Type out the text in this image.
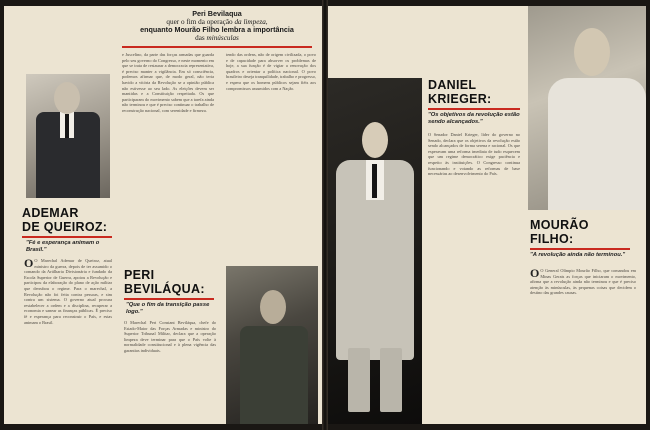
Peri Bevilaqua
quer o fim da operação da limpeza,
enquanto Mourão Filho lembra a importância
das minúsculas
ADEMAR
DE QUEIROZ:
"Fé e esperança animam o Brasil."

O O Marechal Ademar de Queiroz, atual ministro da guerra, depois de ter assumido o comando da Artilharia Divisionária e fundado da Escola Superior de Guerra, apoiou a Revolução e participou da elaboração do plano de ação militar que derrubou o regime. Para o marechal, a Revolução não foi feita contra pessoas, e sim contra um sistema. O governo atual procura restabelecer a ordem e a disciplina, recuperar a economia e sanear as finanças públicas. É preciso fé e esperança para reconstruir o País, e estas animam o Brasil.

e Juscelino, da parte das forças armadas que guarda pelo seu governo do Congresso, e neste momento em que se trata de restaurar a democracia representativa, é preciso manter a vigilância. Em só consciência, podemos afirmar que, de modo geral, não teria havido a vitória da Revolução se a opinião pública não estivesse ao seu lado. As eleições devem ser mantidas e a Constituição respeitada. Os que participaram do movimento sabem que a tarefa ainda não terminou e que é preciso continuar o trabalho de reconstrução nacional, com serenidade e firmeza.

PERI
BEVILÁQUA:
"Que o fim da transição passe logo."

O Marechal Peri Constant Beviláqua, chefe do Estado-Maior das Forças Armadas e ministro do Superior Tribunal Militar, declara que a operação limpeza deve terminar para que o País volte à normalidade constitucional e à plena vigência das garantias individuais.

tendo das ordens, não de origem civilizada, o povo e de capacidade para absorver os problemas de hoje, a sua função é de vigiar a renovação dos quadros e orientar a política nacional. O povo brasileiro deseja tranquilidade, trabalho e progresso, e espera que os homens públicos sejam fiéis aos compromissos assumidos com a Nação.	DANIEL
KRIEGER:
"Os objetivos da revolução estão sendo alcançados."

O Senador Daniel Krieger, líder do governo no Senado, declara que os objetivos da revolução estão sendo alcançados de forma serena e racional. Os que esperavam uma reforma imediata de tudo esquecem que um regime democrático exige paciência e respeito às instituições. O Congresso continua funcionando e votando as reformas de base necessárias ao desenvolvimento do País.

MOURÃO
FILHO:
"A revolução ainda não terminou."

O O General Olímpio Mourão Filho, que comandou em Minas Gerais as forças que iniciaram o movimento, afirma que a revolução ainda não terminou e que é preciso atenção às minúsculas, às pequenas coisas que decidem o destino das grandes causas.
